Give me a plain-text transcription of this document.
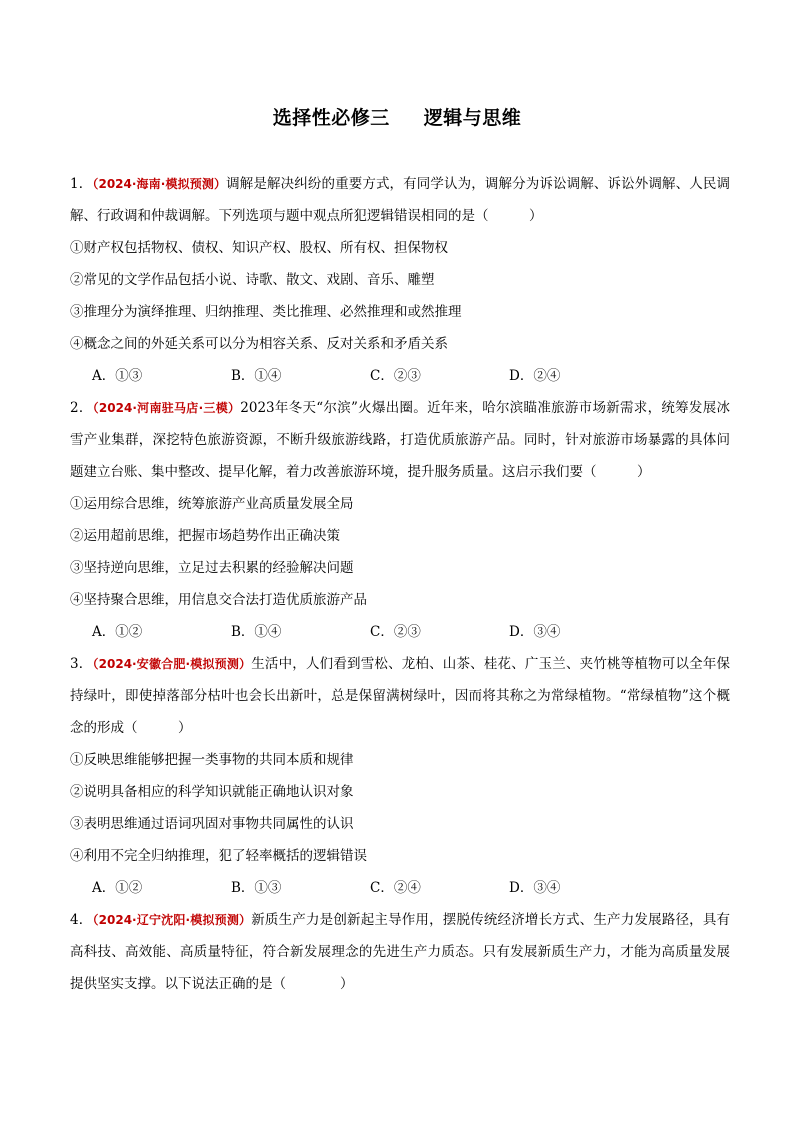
选择性必修三 逻辑与思维

1．（2024·海南·模拟预测）调解是解决纠纷的重要方式，有同学认为，调解分为诉讼调解、诉讼外调解、人民调解、行政调和仲裁调解。下列选项与题中观点所犯逻辑错误相同的是（　　　）

①财产权包括物权、债权、知识产权、股权、所有权、担保物权

②常见的文学作品包括小说、诗歌、散文、戏剧、音乐、雕塑

③推理分为演绎推理、归纳推理、类比推理、必然推理和或然推理

④概念之间的外延关系可以分为相容关系、反对关系和矛盾关系

A．①③	B．①④	C．②③	D．②④

2．（2024·河南驻马店·三模）2023年冬天“尔滨”火爆出圈。近年来，哈尔滨瞄准旅游市场新需求，统筹发展冰雪产业集群，深挖特色旅游资源，不断升级旅游线路，打造优质旅游产品。同时，针对旅游市场暴露的具体问题建立台账、集中整改、提早化解，着力改善旅游环境，提升服务质量。这启示我们要（　　　）

①运用综合思维，统筹旅游产业高质量发展全局

②运用超前思维，把握市场趋势作出正确决策

③坚持逆向思维，立足过去积累的经验解决问题

④坚持聚合思维，用信息交合法打造优质旅游产品

A．①②	B．①④	C．②③	D．③④

3．（2024·安徽合肥·模拟预测）生活中，人们看到雪松、龙柏、山茶、桂花、广玉兰、夹竹桃等植物可以全年保持绿叶，即使掉落部分枯叶也会长出新叶，总是保留满树绿叶，因而将其称之为常绿植物。“常绿植物”这个概念的形成（　　　）

①反映思维能够把握一类事物的共同本质和规律

②说明具备相应的科学知识就能正确地认识对象

③表明思维通过语词巩固对事物共同属性的认识

④利用不完全归纳推理，犯了轻率概括的逻辑错误

A．①②	B．①③	C．②④	D．③④

4．（2024·辽宁沈阳·模拟预测）新质生产力是创新起主导作用，摆脱传统经济增长方式、生产力发展路径，具有高科技、高效能、高质量特征，符合新发展理念的先进生产力质态。只有发展新质生产力，才能为高质量发展提供坚实支撑。以下说法正确的是（　　　　）
